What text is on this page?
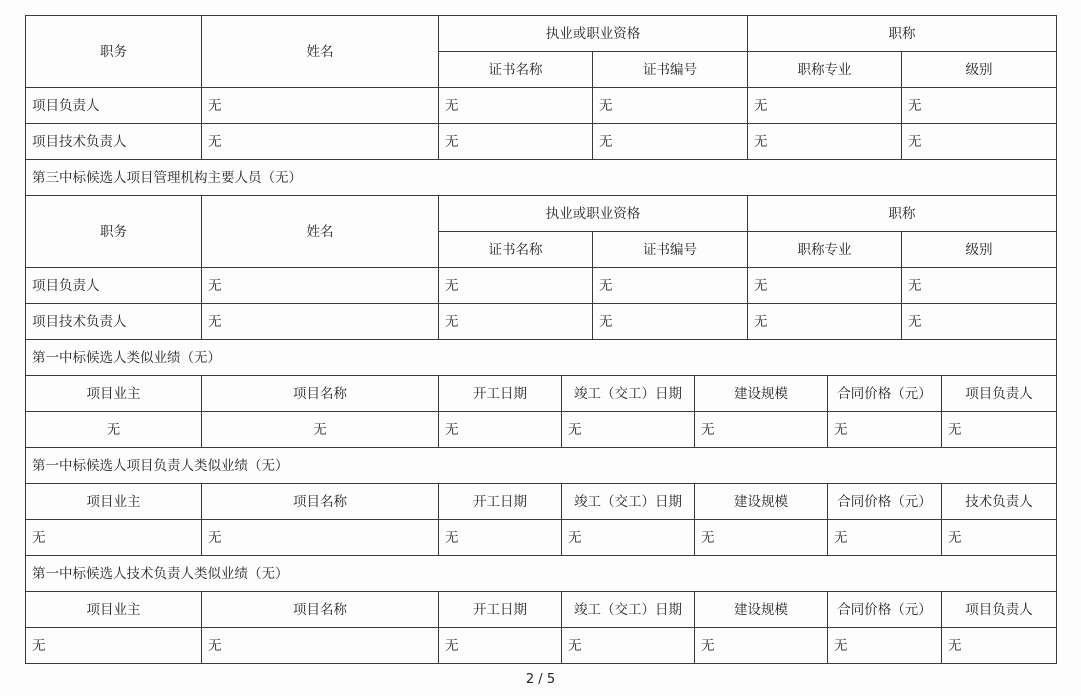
职务	姓名	执业或职业资格		职称	
		证书名称	证书编号	职称专业	级别
项目负责人	无	无	无	无	无
项目技术负责人	无	无	无	无	无
第三中标候选人项目管理机构主要人员（无）					
职务	姓名	执业或职业资格		职称	
		证书名称	证书编号	职称专业	级别
项目负责人	无	无	无	无	无
项目技术负责人	无	无	无	无	无
第一中标候选人类似业绩（无）					
项目业主	项目名称	开工日期	竣工（交工）日期	建设规模	合同价格（元）	项目负责人
无	无	无	无	无	无	无
第一中标候选人项目负责人类似业绩（无）						
项目业主	项目名称	开工日期	竣工（交工）日期	建设规模	合同价格（元）	技术负责人
无	无	无	无	无	无	无
第一中标候选人技术负责人类似业绩（无）						
项目业主	项目名称	开工日期	竣工（交工）日期	建设规模	合同价格（元）	项目负责人
无	无	无	无	无	无	无
2 / 5
